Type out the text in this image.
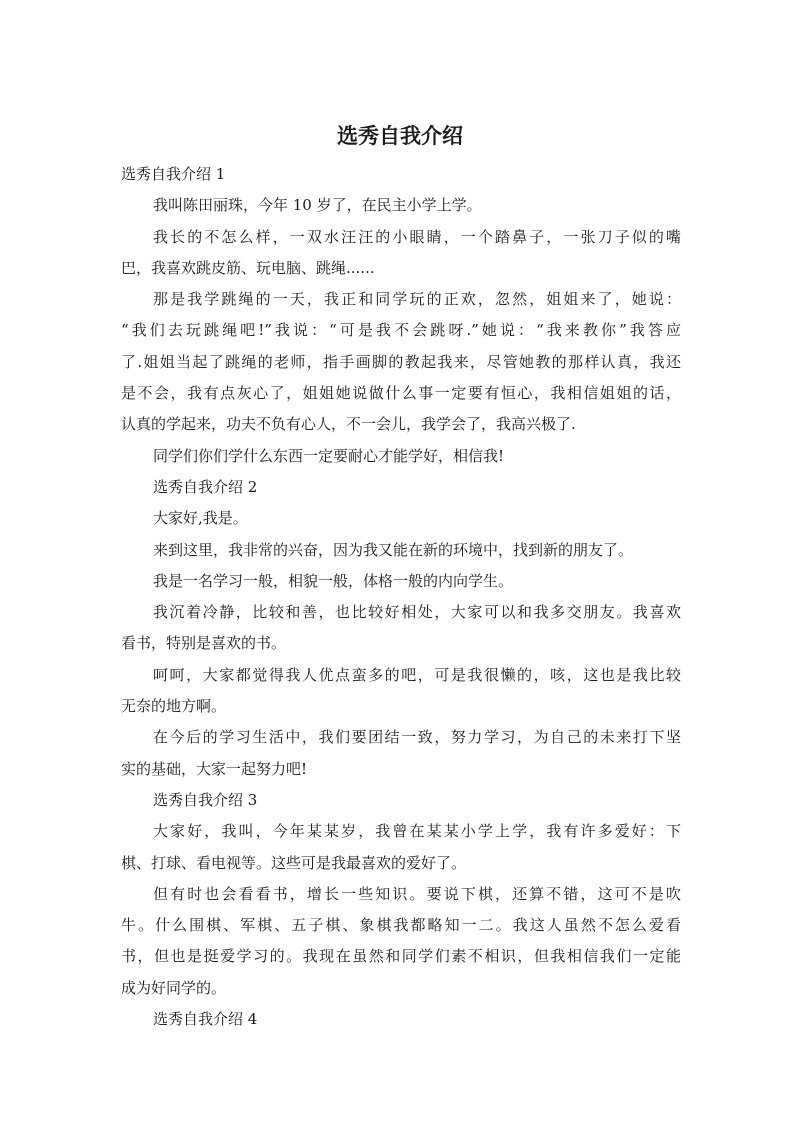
选秀自我介绍
选秀自我介绍 1
我叫陈田丽珠，今年 10 岁了，在民主小学上学。
我长的不怎么样，一双水汪汪的小眼睛，一个踏鼻子，一张刀子似的嘴
巴，我喜欢跳皮筋、玩电脑、跳绳......
那是我学跳绳的一天，我正和同学玩的正欢，忽然，姐姐来了，她说：
“我们去玩跳绳吧!”我说：“可是我不会跳呀.”她说：“我来教你”我答应
了.姐姐当起了跳绳的老师，指手画脚的教起我来，尽管她教的那样认真，我还
是不会，我有点灰心了，姐姐她说做什么事一定要有恒心，我相信姐姐的话，
认真的学起来，功夫不负有心人，不一会儿，我学会了，我高兴极了.
同学们你们学什么东西一定要耐心才能学好，相信我!
选秀自我介绍 2
大家好,我是。
来到这里，我非常的兴奋，因为我又能在新的环境中，找到新的朋友了。
我是一名学习一般，相貌一般，体格一般的内向学生。
我沉着冷静，比较和善，也比较好相处，大家可以和我多交朋友。我喜欢
看书，特别是喜欢的书。
呵呵，大家都觉得我人优点蛮多的吧，可是我很懒的，咳，这也是我比较
无奈的地方啊。
在今后的学习生活中，我们要团结一致，努力学习，为自己的未来打下坚
实的基础，大家一起努力吧!
选秀自我介绍 3
大家好，我叫，今年某某岁，我曾在某某小学上学，我有许多爱好：下
棋、打球、看电视等。这些可是我最喜欢的爱好了。
但有时也会看看书，增长一些知识。要说下棋，还算不错，这可不是吹
牛。什么围棋、军棋、五子棋、象棋我都略知一二。我这人虽然不怎么爱看
书，但也是挺爱学习的。我现在虽然和同学们素不相识，但我相信我们一定能
成为好同学的。
选秀自我介绍 4
